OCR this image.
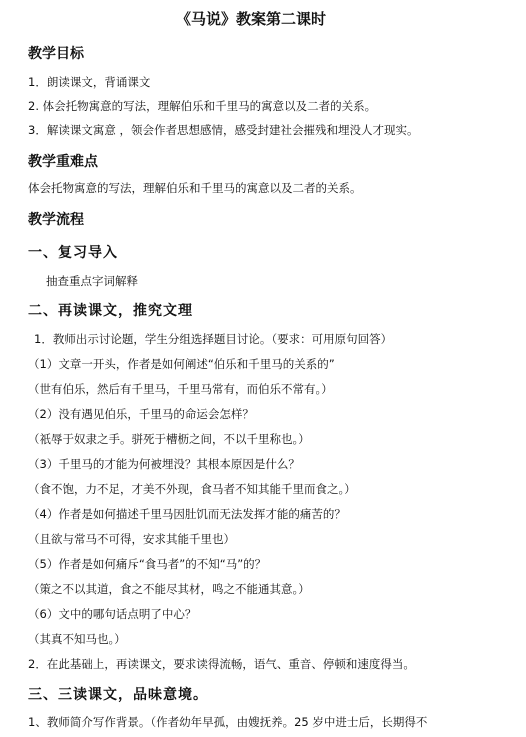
《马说》教案第二课时
教学目标
1．朗读课文，背诵课文
2. 体会托物寓意的写法，理解伯乐和千里马的寓意以及二者的关系。
3．解读课文寓意 ，领会作者思想感情，感受封建社会摧残和埋没人才现实。
教学重难点
体会托物寓意的写法，理解伯乐和千里马的寓意以及二者的关系。
教学流程
一、复习导入
抽查重点字词解释
二、再读课文，推究文理
1．教师出示讨论题，学生分组选择题目讨论。（要求：可用原句回答）
（1）文章一开头，作者是如何阐述“伯乐和千里马的关系的”
（世有伯乐，然后有千里马，千里马常有，而伯乐不常有。）
（2）没有遇见伯乐，千里马的命运会怎样？
（祇辱于奴隶之手。骈死于槽枥之间，不以千里称也。）
（3）千里马的才能为何被埋没？其根本原因是什么？
（食不饱，力不足，才美不外现，食马者不知其能千里而食之。）
（4）作者是如何描述千里马因肚饥而无法发挥才能的痛苦的？
（且欲与常马不可得，安求其能千里也）
（5）作者是如何痛斥“食马者”的不知“马”的？
（策之不以其道，食之不能尽其材，鸣之不能通其意。）
（6）文中的哪句话点明了中心？
（其真不知马也。）
2．在此基础上，再读课文，要求读得流畅，语气、重音、停顿和速度得当。
三、三读课文，品味意境。
1、教师简介写作背景。（作者幼年早孤，由嫂抚养。25 岁中进士后，长期得不
